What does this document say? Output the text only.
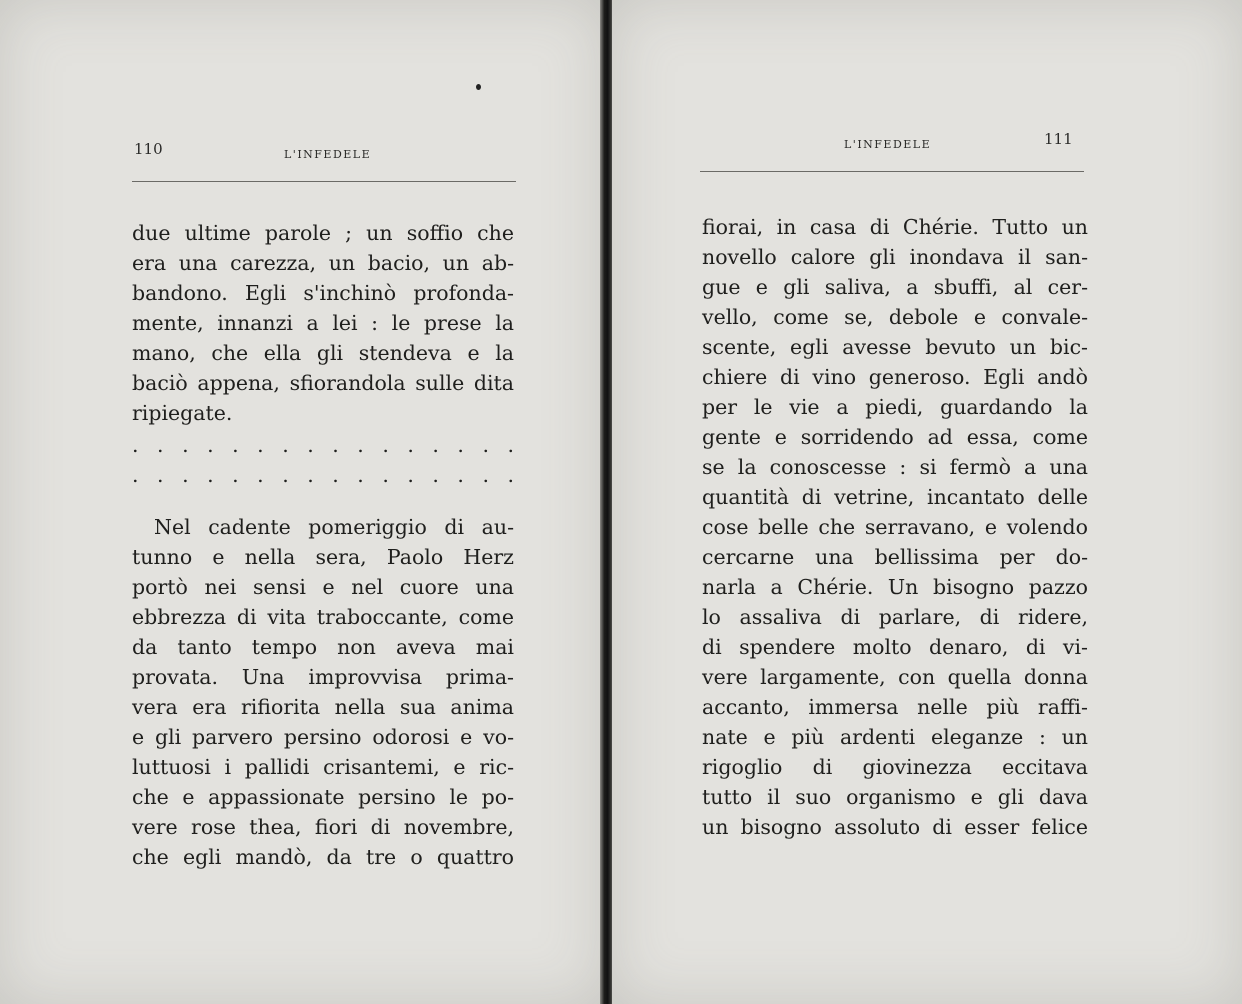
110	L'INFEDELE
due ultime parole ; un soffio che
era una carezza, un bacio, un ab-
bandono. Egli s'inchinò profonda-
mente, innanzi a lei : le prese la
mano, che ella gli stendeva e la
baciò appena, sfiorandola sulle dita
ripiegate.
. . . . . . . . . . . . . . . .
. . . . . . . . . . . . . . . .
Nel cadente pomeriggio di au-
tunno e nella sera, Paolo Herz
portò nei sensi e nel cuore una
ebbrezza di vita traboccante, come
da tanto tempo non aveva mai
provata. Una improvvisa prima-
vera era rifiorita nella sua anima
e gli parvero persino odorosi e vo-
luttuosi i pallidi crisantemi, e ric-
che e appassionate persino le po-
vere rose thea, fiori di novembre,
che egli mandò, da tre o quattro
L'INFEDELE	111
fiorai, in casa di Chérie. Tutto un
novello calore gli inondava il san-
gue e gli saliva, a sbuffi, al cer-
vello, come se, debole e convale-
scente, egli avesse bevuto un bic-
chiere di vino generoso. Egli andò
per le vie a piedi, guardando la
gente e sorridendo ad essa, come
se la conoscesse : si fermò a una
quantità di vetrine, incantato delle
cose belle che serravano, e volendo
cercarne una bellissima per do-
narla a Chérie. Un bisogno pazzo
lo assaliva di parlare, di ridere,
di spendere molto denaro, di vi-
vere largamente, con quella donna
accanto, immersa nelle più raffi-
nate e più ardenti eleganze : un
rigoglio di giovinezza eccitava
tutto il suo organismo e gli dava
un bisogno assoluto di esser felice
